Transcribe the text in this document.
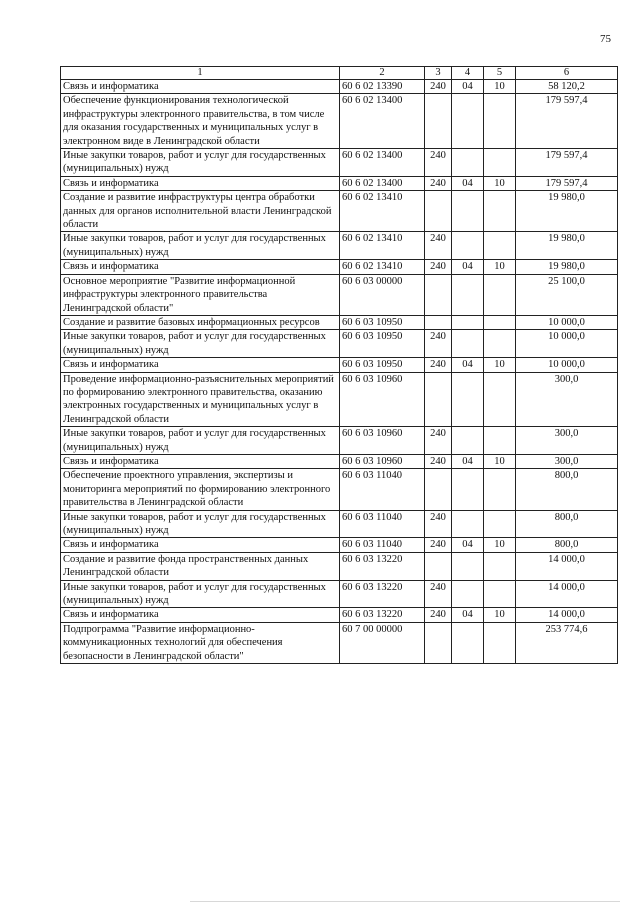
75
1	2	3	4	5	6
Связь и информатика	60 6 02 13390	240	04	10	58 120,2
Обеспечение функционирования технологической инфраструктуры электронного правительства, в том числе для оказания государственных и муниципальных услуг в электронном виде в Ленинградской области	60 6 02 13400				179 597,4
Иные закупки товаров, работ и услуг для государственных (муниципальных) нужд	60 6 02 13400	240			179 597,4
Связь и информатика	60 6 02 13400	240	04	10	179 597,4
Создание и развитие инфраструктуры центра обработки данных для органов исполнительной власти Ленинградской области	60 6 02 13410				19 980,0
Иные закупки товаров, работ и услуг для государственных (муниципальных) нужд	60 6 02 13410	240			19 980,0
Связь и информатика	60 6 02 13410	240	04	10	19 980,0
Основное мероприятие "Развитие информационной инфраструктуры электронного правительства Ленинградской области"	60 6 03 00000				25 100,0
Создание и развитие базовых информационных ресурсов	60 6 03 10950				10 000,0
Иные закупки товаров, работ и услуг для государственных (муниципальных) нужд	60 6 03 10950	240			10 000,0
Связь и информатика	60 6 03 10950	240	04	10	10 000,0
Проведение информационно-разъяснительных мероприятий по формированию электронного правительства, оказанию электронных государственных и муниципальных услуг в Ленинградской области	60 6 03 10960				300,0
Иные закупки товаров, работ и услуг для государственных (муниципальных) нужд	60 6 03 10960	240			300,0
Связь и информатика	60 6 03 10960	240	04	10	300,0
Обеспечение проектного управления, экспертизы и мониторинга мероприятий по формированию электронного правительства в Ленинградской области	60 6 03 11040				800,0
Иные закупки товаров, работ и услуг для государственных (муниципальных) нужд	60 6 03 11040	240			800,0
Связь и информатика	60 6 03 11040	240	04	10	800,0
Создание и развитие фонда пространственных данных Ленинградской области	60 6 03 13220				14 000,0
Иные закупки товаров, работ и услуг для государственных (муниципальных) нужд	60 6 03 13220	240			14 000,0
Связь и информатика	60 6 03 13220	240	04	10	14 000,0
Подпрограмма "Развитие информационно-коммуникационных технологий для обеспечения безопасности в Ленинградской области"	60 7 00 00000				253 774,6
